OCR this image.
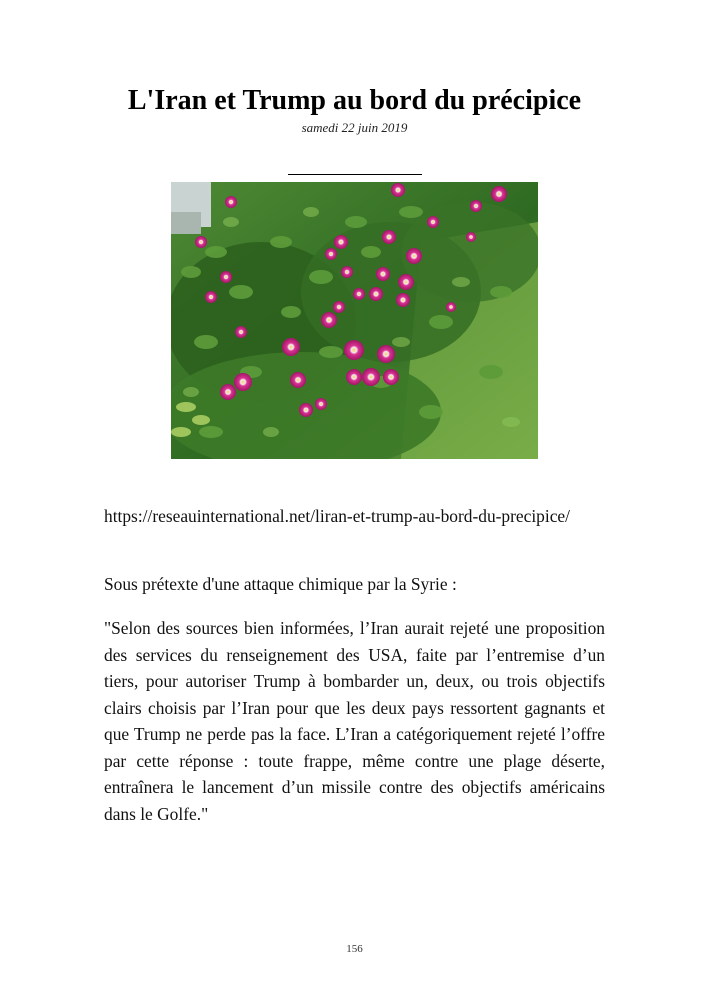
L'Iran et Trump au bord du précipice
samedi 22 juin 2019
https://reseauinternational.net/liran-et-trump-au-bord-du-precipice/
Sous prétexte d'une attaque chimique par la Syrie :
"Selon des sources bien informées, l’Iran aurait rejeté une proposition des services du renseignement des USA, faite par l’entremise d’un tiers, pour autoriser Trump à bombarder un, deux, ou trois objectifs clairs choisis par l’Iran pour que les deux pays ressortent gagnants et que Trump ne perde pas la face. L’Iran a catégoriquement rejeté l’offre par cette réponse : toute frappe, même contre une plage déserte, entraînera le lancement d’un missile contre des objectifs américains dans le Golfe."
156
